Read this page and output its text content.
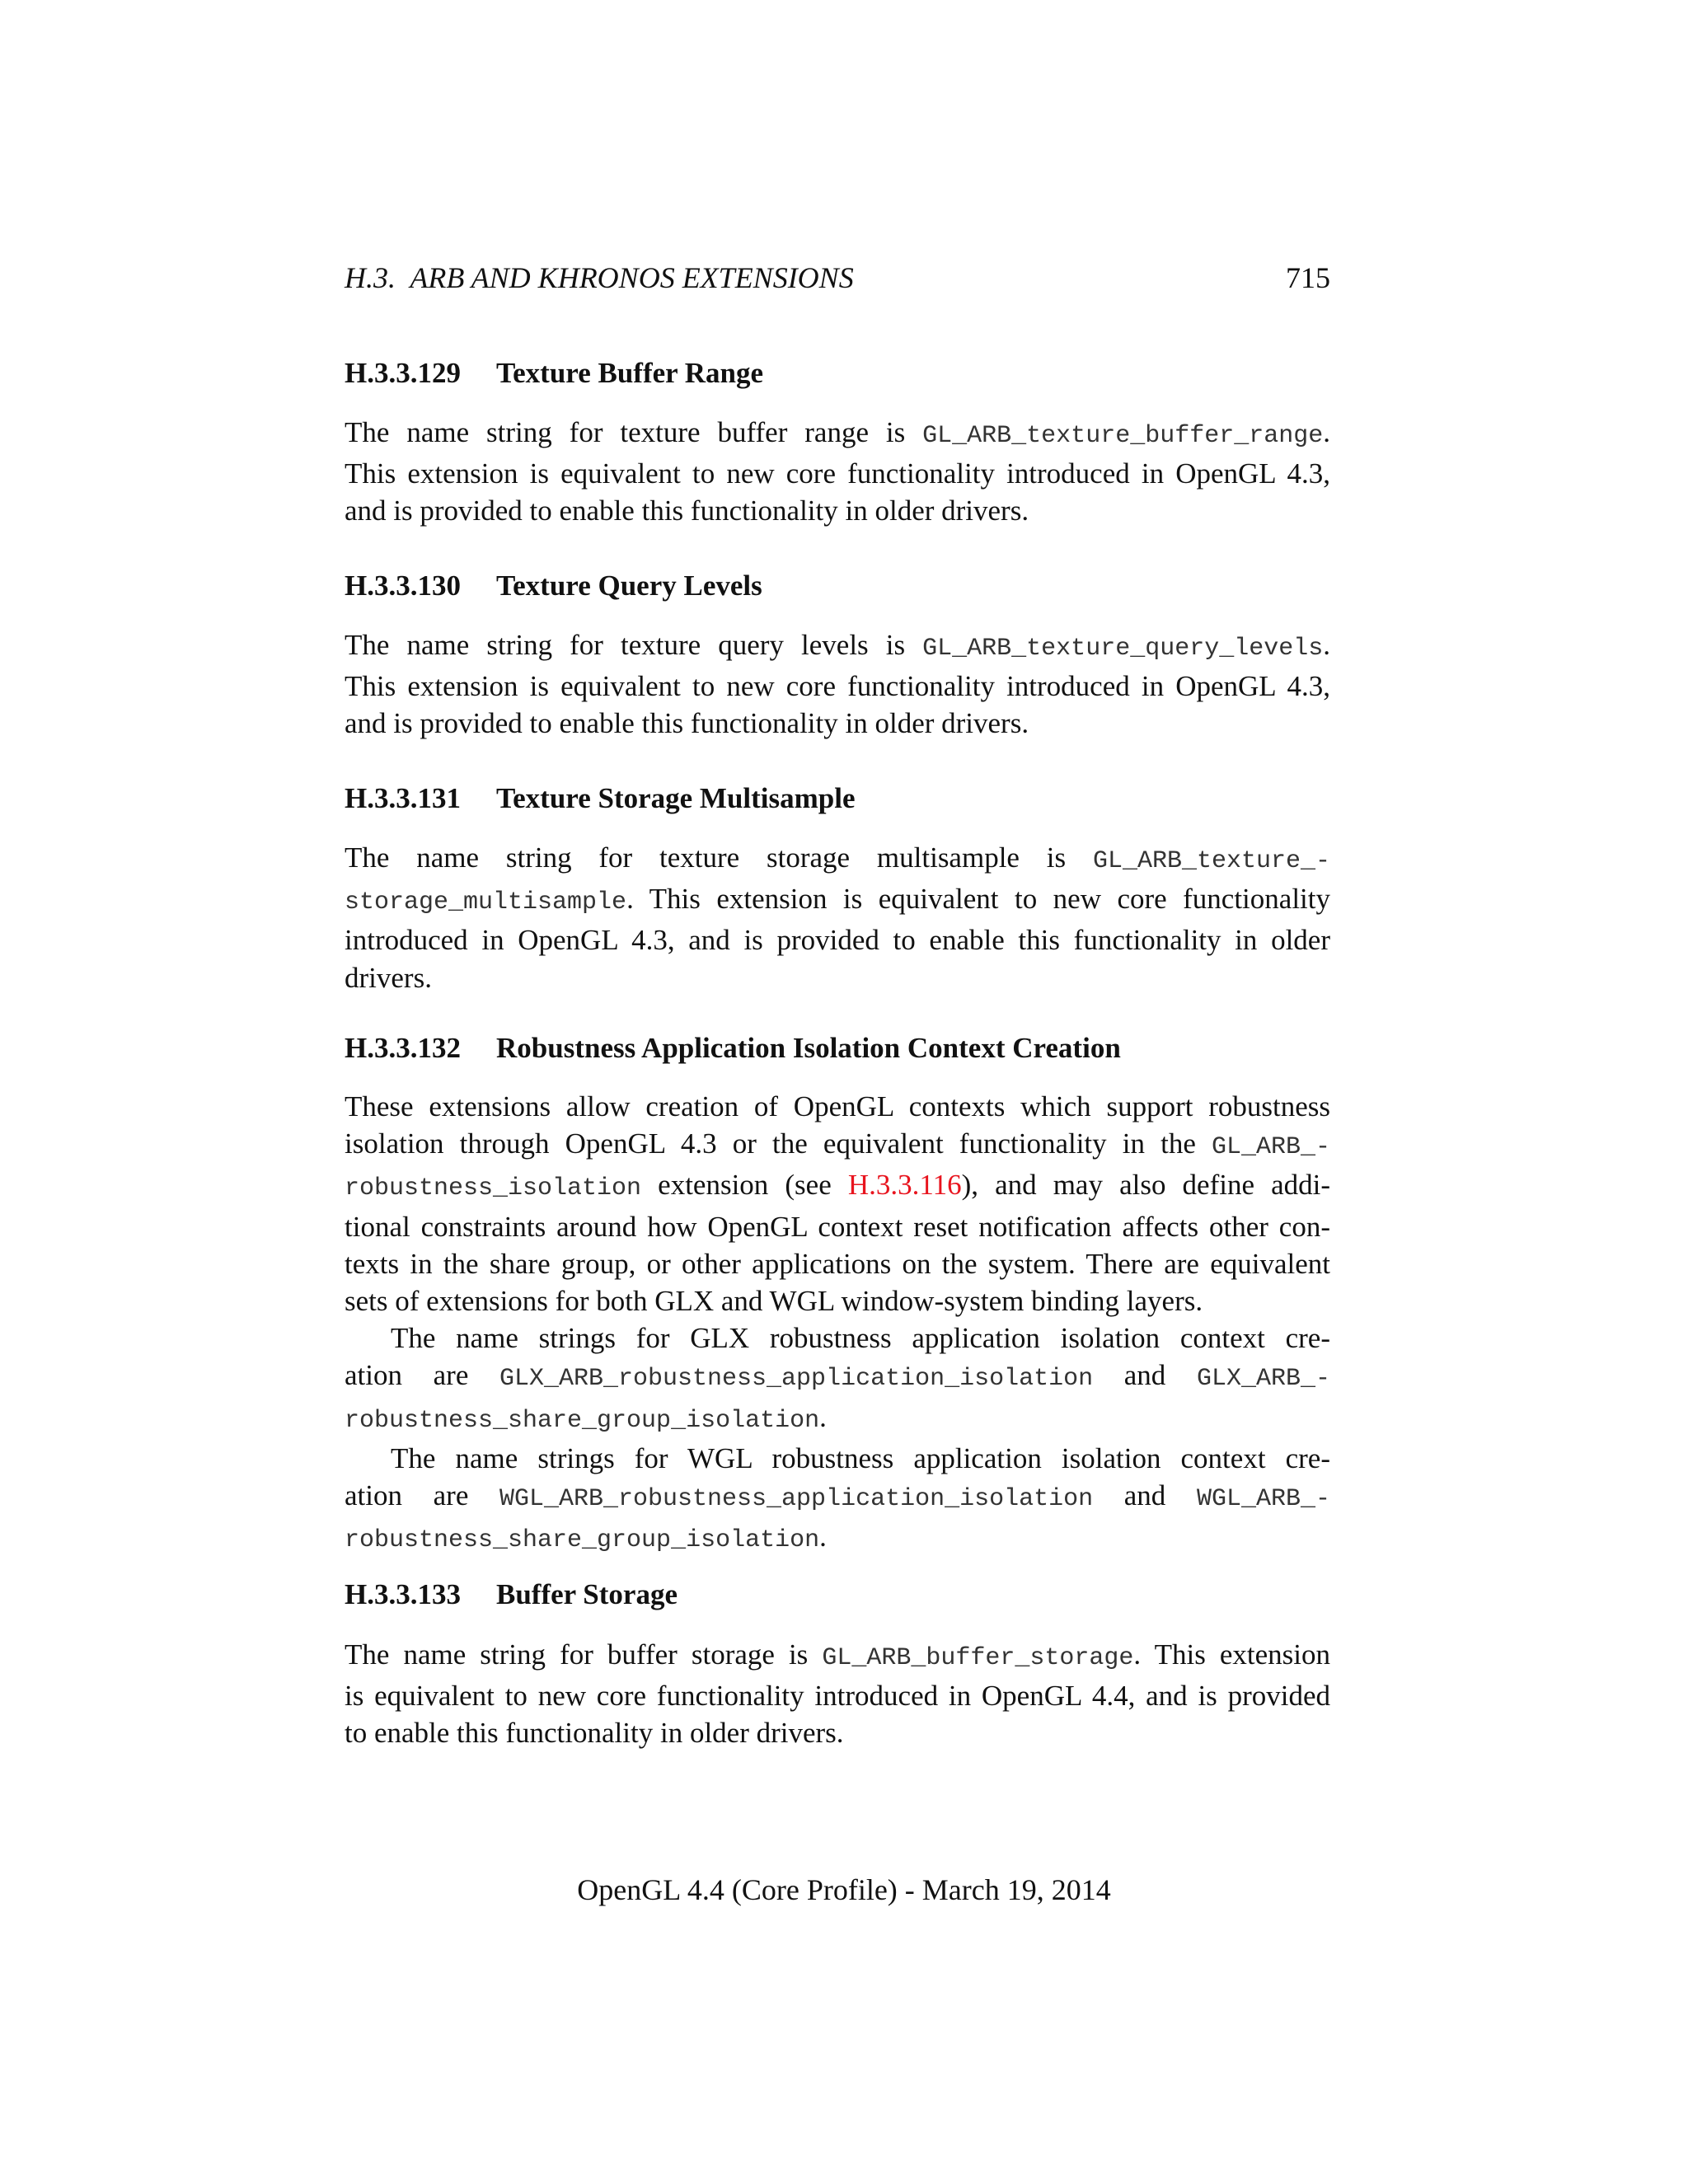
H.3. ARB AND KHRONOS EXTENSIONS	715
H.3.3.129 Texture Buffer Range
The name string for texture buffer range is GL_ARB_texture_buffer_range.
This extension is equivalent to new core functionality introduced in OpenGL 4.3,
and is provided to enable this functionality in older drivers.
H.3.3.130 Texture Query Levels
The name string for texture query levels is GL_ARB_texture_query_levels.
This extension is equivalent to new core functionality introduced in OpenGL 4.3,
and is provided to enable this functionality in older drivers.
H.3.3.131 Texture Storage Multisample
The name string for texture storage multisample is GL_ARB_texture_-
storage_multisample. This extension is equivalent to new core functionality
introduced in OpenGL 4.3, and is provided to enable this functionality in older
drivers.
H.3.3.132 Robustness Application Isolation Context Creation
These extensions allow creation of OpenGL contexts which support robustness
isolation through OpenGL 4.3 or the equivalent functionality in the GL_ARB_-
robustness_isolation extension (see H.3.3.116), and may also define addi-
tional constraints around how OpenGL context reset notification affects other con-
texts in the share group, or other applications on the system. There are equivalent
sets of extensions for both GLX and WGL window-system binding layers.
The name strings for GLX robustness application isolation context cre-
ation are GLX_ARB_robustness_application_isolation and GLX_ARB_-
robustness_share_group_isolation.
The name strings for WGL robustness application isolation context cre-
ation are WGL_ARB_robustness_application_isolation and WGL_ARB_-
robustness_share_group_isolation.
H.3.3.133 Buffer Storage
The name string for buffer storage is GL_ARB_buffer_storage. This extension
is equivalent to new core functionality introduced in OpenGL 4.4, and is provided
to enable this functionality in older drivers.
OpenGL 4.4 (Core Profile) - March 19, 2014
